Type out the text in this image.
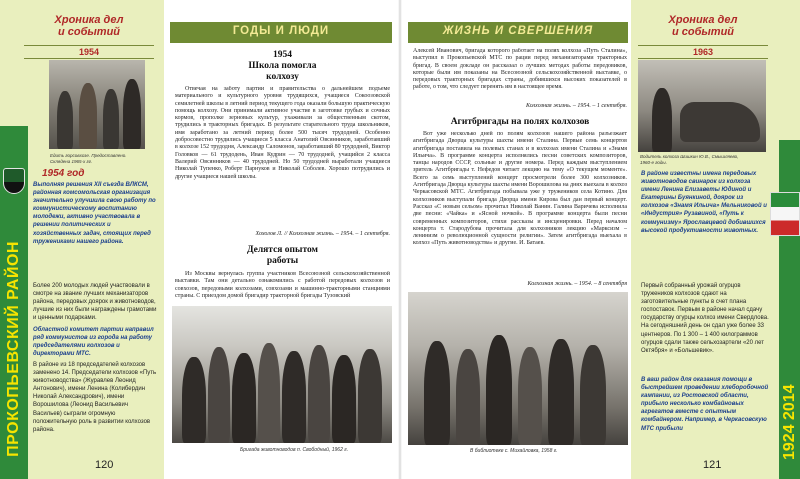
Хроника дел
и событий
1954
Едить горсовхозе. Предоставлено.
Склядена 1965-х гг.
1954 год
Выполняя решения XII съезда ВЛКСМ, районная комсомольская организация значительно улучшила свою работу по коммунистическому воспитанию молодежи, активно участвовала в решении политических и хозяйственных задач, стоящих перед тружениками нашего района.
Более 200 молодых людей участвовали в смотре на звание лучших механизаторов района, передовых доярок и животноводов, лучшие из них были награждены грамотами и ценными подарками.
Областной комитет партии направил ряд коммунистов из города на работу председателями колхозов и директорами МТС.
В районе из 18 председателей колхозов заменено 14. Председатели колхозов «Путь животноводства» (Журавлев Леонид Антонович), имени Ленина (Колибердин Николай Александрович), имени Ворошилова (Леонид Васильевич Васильев) сыграли огромную положительную роль в развитии колхозов района.
ПРОКОПЬЕВСКИЙ РАЙОН
ГОДЫ И ЛЮДИ
1954
Школа помогла
колхозу
Отвечая на заботу партии и правительства о дальнейшем подъеме материального и культурного уровня трудящихся, учащиеся Сокоозовской семилетней школы в летний период текущего года оказали большую практическую помощь колхозу. Они принимали активное участие в заготовке грубых и сочных кормов, прополке зерновых культур, ухаживали за общественным скотом, трудились в тракторных бригадах. В результате старательного труда школьников, имя заработано за летний период более 500 тысяч трудодней. Особенно добросовестно трудились учащиеся 5 класса Анатолий Овсянников, заработавший в колхозе 152 трудодня, Александр Саломонов, заработавший 80 трудодней, Виктор Головков — 61 трудодень, Иван Кудрин — 70 трудодней, учащийся 2 класса Валерий Овсянников — 40 трудодней. Но 50 трудодней выработали учащиеся Николай Тупенко, Роберт Парнуков и Николай Соболев. Хорошо потрудились и другие учащиеся нашей школы.
Хохолов Л. // Колхозная жизнь. – 1954. – 1 сентября.
Делятся опытом
работы
Из Москвы вернулась группа участников Всесоюзной сельскохозяйственной выставки. Там они детально ознакомились с работой передовых колхозов и совхозов, передовыми колхозами, совхозами и машинно-тракторными станциями страны. С приездом домой бригадир тракторной бригады Тузовский
Бригада животноводов п. Свободный, 1962 г.
120
ЖИЗНЬ И СВЕРШЕНИЯ
Алексей Иванович, бригада которого работает на полях колхоза «Путь Сталина», выступил в Прокопьевской МТС по рации перед механизаторами тракторных бригад. В своем докладе он рассказал о лучших методах работы передовиков, которые были им показаны на Всесоюзной сельскохозяйственной выставке, о передовых тракторных бригадах страны, добившихся высоких показателей в работе, о том, что следует перенять им в настоящее время.
Колхозная жизнь. – 1954. – 1 сентября.
Агитбригады на полях колхозов
Вот уже несколько дней по полям колхозов нашего района разъезжает агитбригада Дворца культуры шахты имени Сталина. Первые семь концертов агитбригада поставила на полевых станах и в колхозах имени Сталина и «Знамя Ильича». В программе концерта исполнялись песни советских композиторов, танцы народов СССР, сольные и другие номера. Перед каждым выступлением зритель Агитбригады т. Нефедов читает лекцию на тему «О текущем моменте». Всего за семь выступлений концерт просмотрели более 300 колхозников. Агитбригада Дворца культуры шахты имени Ворошилова на днях выехала в колхоз Черкасовской МТС. Агитбригада побывала уже у тружеников села Котино. Для колхозников выступали бригада Дворца имени Кирова был дан первый концерт. Рассказ «С новым сельом» прочитал Николай Ванин. Галина Варичева исполнила две песни: «Чайка» и «Ясной ночкой». В программе концерта были песни современных композиторов, стихи рассказы и инсценировки. Перед началом концерта т. Стародубова прочитала для колхозников лекцию «Марксизм – ленинизм о революционной сущности религии». Затем агитбригада выехала в колхоз «Путь животноводства» и другие. И. Батаев.
Колхозная жизнь. – 1954. – 8 сентября
В библиотеке с. Михайловка, 1958 г.
Хроника дел
и событий
1963
Водитель колхоза Шишкин Ю.В., Смышляево,
1960-е годы.
В районе известны имена передовых животноводов свинарок из колхоза имени Ленина Елизаветы Юдиной и Екатерины Буянкиной, доярок из колхозов «Знамя Ильича» Мельниковой и «Индустрия» Рузавиной, «Путь к коммунизму» Ярославцевой добившихся высокой продуктивности животных.
Первый собранный урожай огурцов тружеников колхозов сдают на заготовительные пункты в счет плана госпоставок. Первым в районе начал сдачу государству огурцы колхоз имени Свердлова. На сегодняшний день он сдал уже более 33 центнеров. По 1 300 – 1 400 килограммов огурцов сдали также сельхозартели «20 лет Октября» и «Большевик».
В ваш район для оказания помощи в быстрейшем проведении хлеборобочной кампании, из Ростовской области, прибыло несколько комбайновых агрегатов вместе с опытным комбайнером. Например, в Черкасовскую МТС прибыли	1924 2014
121
